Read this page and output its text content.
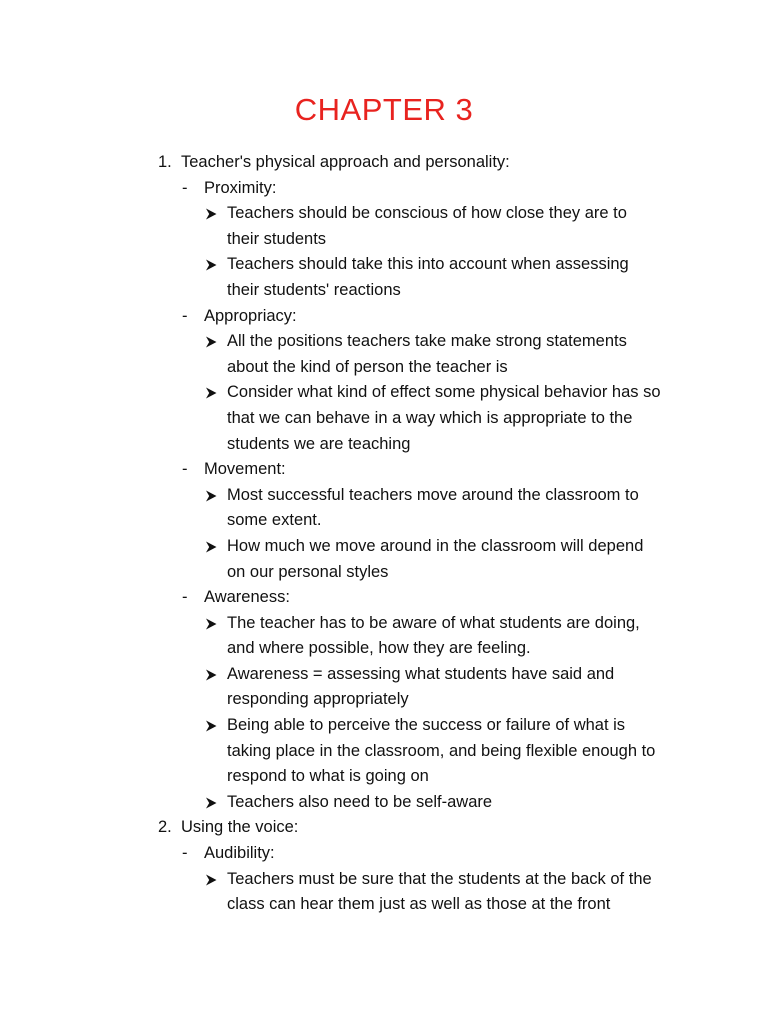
CHAPTER 3
1. Teacher's physical approach and personality:
- Proximity:
Teachers should be conscious of how close they are to
their students
Teachers should take this into account when assessing
their students' reactions
- Appropriacy:
All the positions teachers take make strong statements
about the kind of person the teacher is
Consider what kind of effect some physical behavior has so
that we can behave in a way which is appropriate to the
students we are teaching
- Movement:
Most successful teachers move around the classroom to
some extent.
How much we move around in the classroom will depend
on our personal styles
- Awareness:
The teacher has to be aware of what students are doing,
and where possible, how they are feeling.
Awareness = assessing what students have said and
responding appropriately
Being able to perceive the success or failure of what is
taking place in the classroom, and being flexible enough to
respond to what is going on
Teachers also need to be self-aware
2. Using the voice:
- Audibility:
Teachers must be sure that the students at the back of the
class can hear them just as well as those at the front
